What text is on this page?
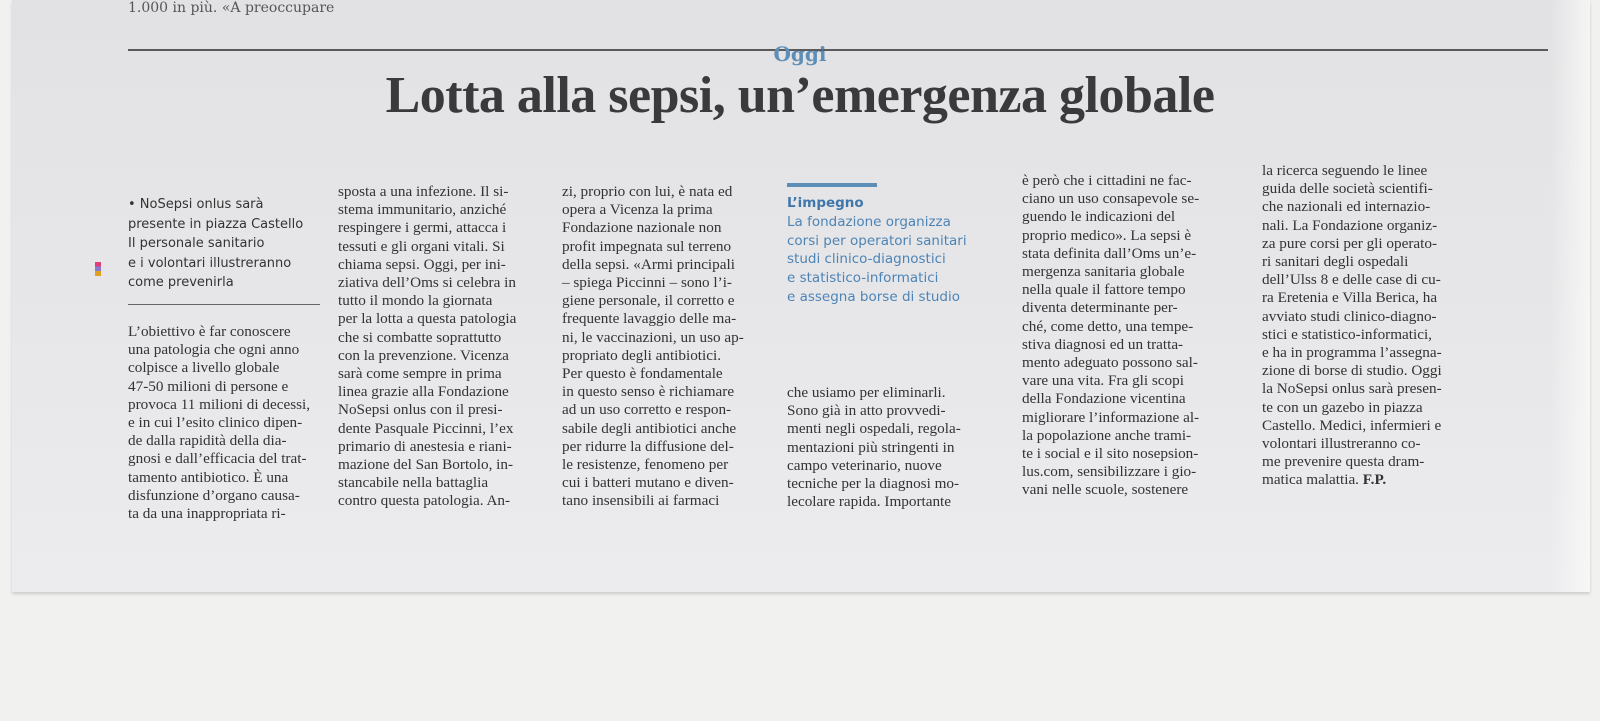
1.000 in più. «A preoccupare
Oggi
Lotta alla sepsi, un’emergenza globale
• NoSepsi onlus sarà
presente in piazza Castello
Il personale sanitario
e i volontari illustreranno
come prevenirla
L’obiettivo è far conoscere
una patologia che ogni anno
colpisce a livello globale
47-50 milioni di persone e
provoca 11 milioni di decessi,
e in cui l’esito clinico dipen-
de dalla rapidità della dia-
gnosi e dall’efficacia del trat-
tamento antibiotico. È una
disfunzione d’organo causa-
ta da una inappropriata ri-
sposta a una infezione. Il si-
stema immunitario, anziché
respingere i germi, attacca i
tessuti e gli organi vitali. Si
chiama sepsi. Oggi, per ini-
ziativa dell’Oms si celebra in
tutto il mondo la giornata
per la lotta a questa patologia
che si combatte soprattutto
con la prevenzione. Vicenza
sarà come sempre in prima
linea grazie alla Fondazione
NoSepsi onlus con il presi-
dente Pasquale Piccinni, l’ex
primario di anestesia e riani-
mazione del San Bortolo, in-
stancabile nella battaglia
contro questa patologia. An-
zi, proprio con lui, è nata ed
opera a Vicenza la prima
Fondazione nazionale non
profit impegnata sul terreno
della sepsi. «Armi principali
– spiega Piccinni – sono l’i-
giene personale, il corretto e
frequente lavaggio delle ma-
ni, le vaccinazioni, un uso ap-
propriato degli antibiotici.
Per questo è fondamentale
in questo senso è richiamare
ad un uso corretto e respon-
sabile degli antibiotici anche
per ridurre la diffusione del-
le resistenze, fenomeno per
cui i batteri mutano e diven-
tano insensibili ai farmaci
L’impegno
La fondazione organizza
corsi per operatori sanitari
studi clinico-diagnostici
e statistico-informatici
e assegna borse di studio
che usiamo per eliminarli.
Sono già in atto provvedi-
menti negli ospedali, regola-
mentazioni più stringenti in
campo veterinario, nuove
tecniche per la diagnosi mo-
lecolare rapida. Importante
è però che i cittadini ne fac-
ciano un uso consapevole se-
guendo le indicazioni del
proprio medico». La sepsi è
stata definita dall’Oms un’e-
mergenza sanitaria globale
nella quale il fattore tempo
diventa determinante per-
ché, come detto, una tempe-
stiva diagnosi ed un tratta-
mento adeguato possono sal-
vare una vita. Fra gli scopi
della Fondazione vicentina
migliorare l’informazione al-
la popolazione anche trami-
te i social e il sito nosepsion-
lus.com, sensibilizzare i gio-
vani nelle scuole, sostenere
la ricerca seguendo le linee
guida delle società scientifi-
che nazionali ed internazio-
nali. La Fondazione organiz-
za pure corsi per gli operato-
ri sanitari degli ospedali
dell’Ulss 8 e delle case di cu-
ra Eretenia e Villa Berica, ha
avviato studi clinico-diagno-
stici e statistico-informatici,
e ha in programma l’assegna-
zione di borse di studio. Oggi
la NoSepsi onlus sarà presen-
te con un gazebo in piazza
Castello. Medici, infermieri e
volontari illustreranno co-
me prevenire questa dram-
matica malattia. F.P.
